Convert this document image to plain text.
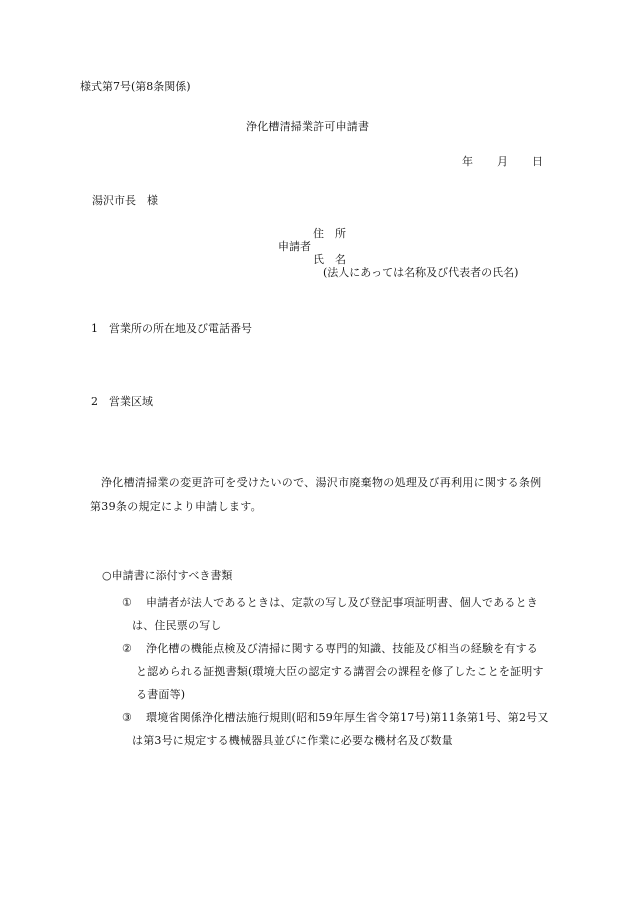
様式第7号(第8条関係)
浄化槽清掃業許可申請書
年 月 日
湯沢市長　様
住　所
申請者
氏　名
(法人にあっては名称及び代表者の氏名)
1　営業所の所在地及び電話番号
2　営業区域
浄化槽清掃業の変更許可を受けたいので、湯沢市廃棄物の処理及び再利用に関する条例第39条の規定により申請します。
○申請書に添付すべき書類
① 申請者が法人であるときは、定款の写し及び登記事項証明書、個人であるとき
は、住民票の写し
② 浄化槽の機能点検及び清掃に関する専門的知識、技能及び相当の経験を有する
と認められる証拠書類(環境大臣の認定する講習会の課程を修了したことを証明する書面等)
③ 環境省関係浄化槽法施行規則(昭和59年厚生省令第17号)第11条第1号、第2号又
は第3号に規定する機械器具並びに作業に必要な機材名及び数量
